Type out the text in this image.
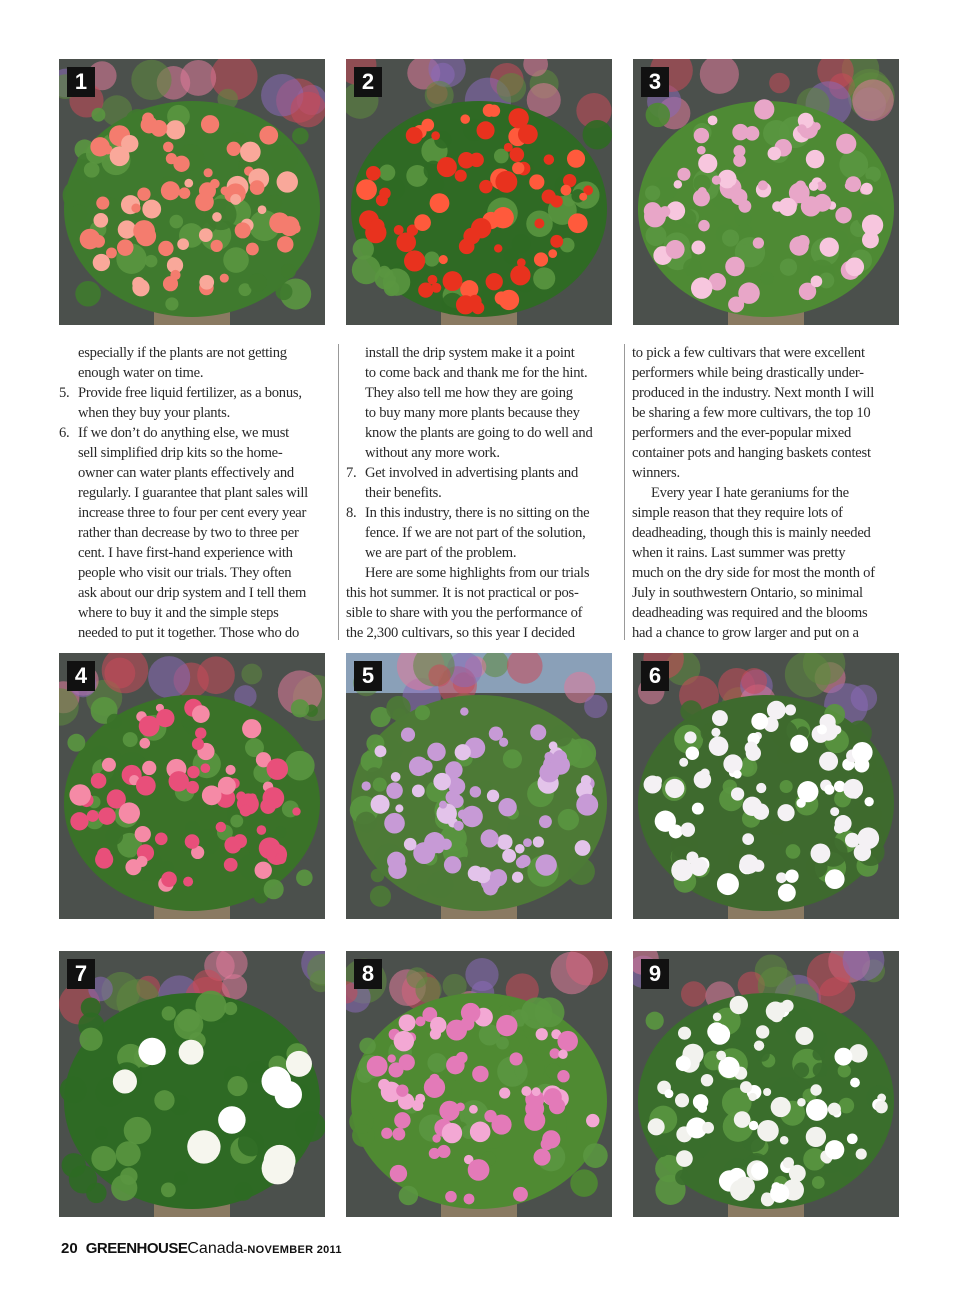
1	2	3

especially if the plants are not getting
enough water on time.

5. Provide free liquid fertilizer, as a bonus,
when they buy your plants.

6. If we don’t do anything else, we must
sell simplified drip kits so the home-
owner can water plants effectively and
regularly. I guarantee that plant sales will
increase three to four per cent every year
rather than decrease by two to three per
cent. I have first-hand experience with
people who visit our trials. They often
ask about our drip system and I tell them
where to buy it and the simple steps
needed to put it together. Those who do

install the drip system make it a point
to come back and thank me for the hint.
They also tell me how they are going
to buy many more plants because they
know the plants are going to do well and
without any more work.

7. Get involved in advertising plants and
their benefits.

8. In this industry, there is no sitting on the
fence. If we are not part of the solution,
we are part of the problem.

Here are some highlights from our trials
this hot summer. It is not practical or pos-
sible to share with you the performance of
the 2,300 cultivars, so this year I decided

to pick a few cultivars that were excellent
performers while being drastically under-
produced in the industry. Next month I will
be sharing a few more cultivars, the top 10
performers and the ever-popular mixed
container pots and hanging baskets contest
winners.

Every year I hate geraniums for the
simple reason that they require lots of
deadheading, though this is mainly needed
when it rains. Last summer was pretty
much on the dry side for most the month of
July in southwestern Ontario, so minimal
deadheading was required and the blooms
had a chance to grow larger and put on a

4	5	6
7	8	9
20 GREENHOUSECanada-NOVEMBER 2011
